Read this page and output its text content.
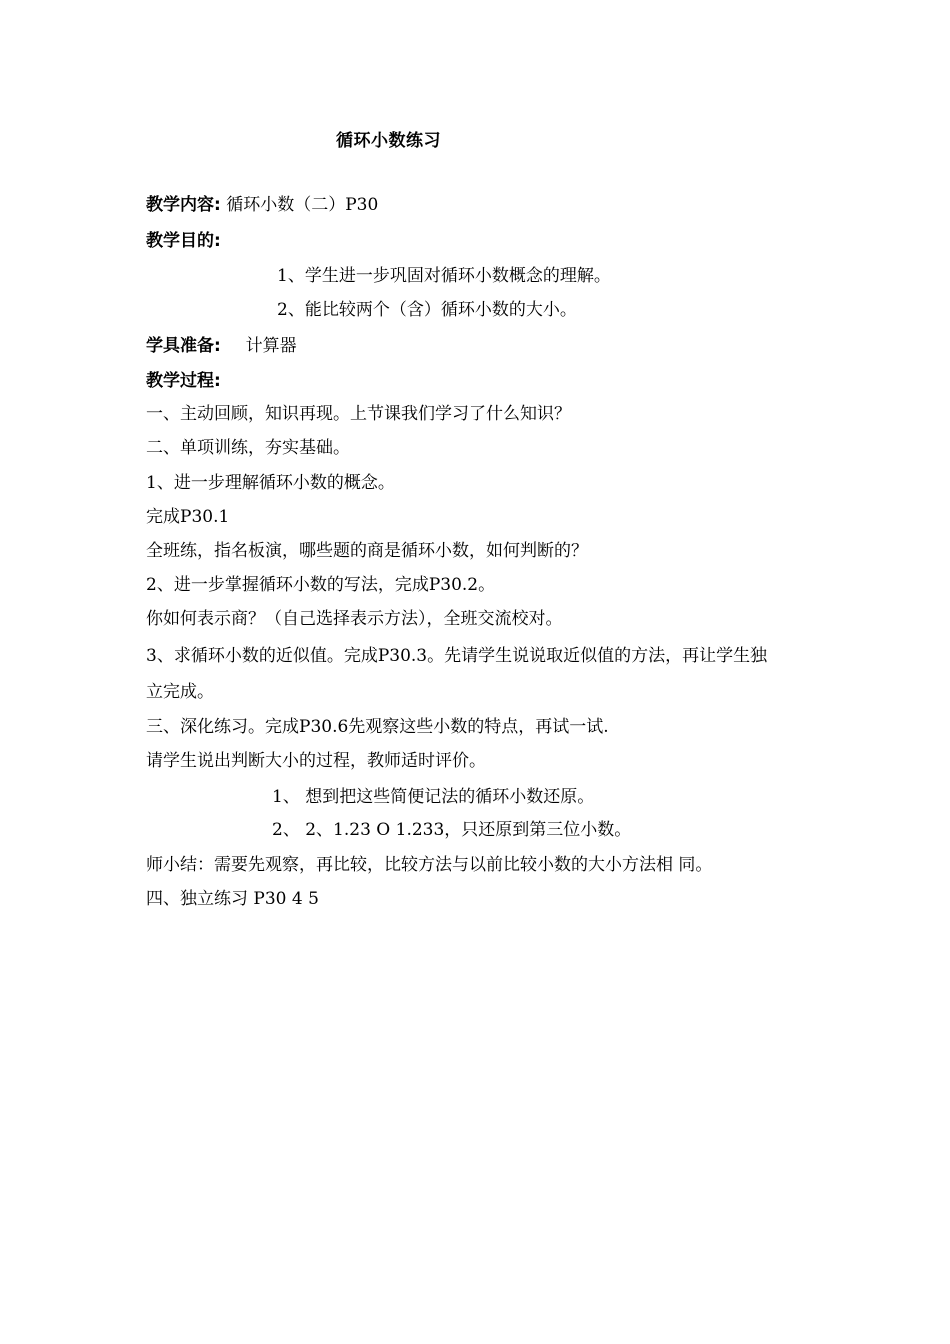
循环小数练习
教学内容: 循环小数（二）P30
教学目的:
1、学生进一步巩固对循环小数概念的理解。
2、能比较两个（含）循环小数的大小。
学具准备: 计算器
教学过程:
一、主动回顾，知识再现。上节课我们学习了什么知识？
二、单项训练，夯实基础。
1、进一步理解循环小数的概念。
完成P30.1
全班练，指名板演，哪些题的商是循环小数，如何判断的？
2、进一步掌握循环小数的写法，完成P30.2。
你如何表示商？（自己选择表示方法），全班交流校对。
3、求循环小数的近似值。完成P30.3。先请学生说说取近似值的方法，再让学生独
立完成。
三、深化练习。完成P30.6先观察这些小数的特点，再试一试.
请学生说出判断大小的过程，教师适时评价。
1、 想到把这些简便记法的循环小数还原。
2、 2、1.23 O 1.233，只还原到第三位小数。
师小结：需要先观察，再比较，比较方法与以前比较小数的大小方法相 同。
四、独立练习 P30 4 5
